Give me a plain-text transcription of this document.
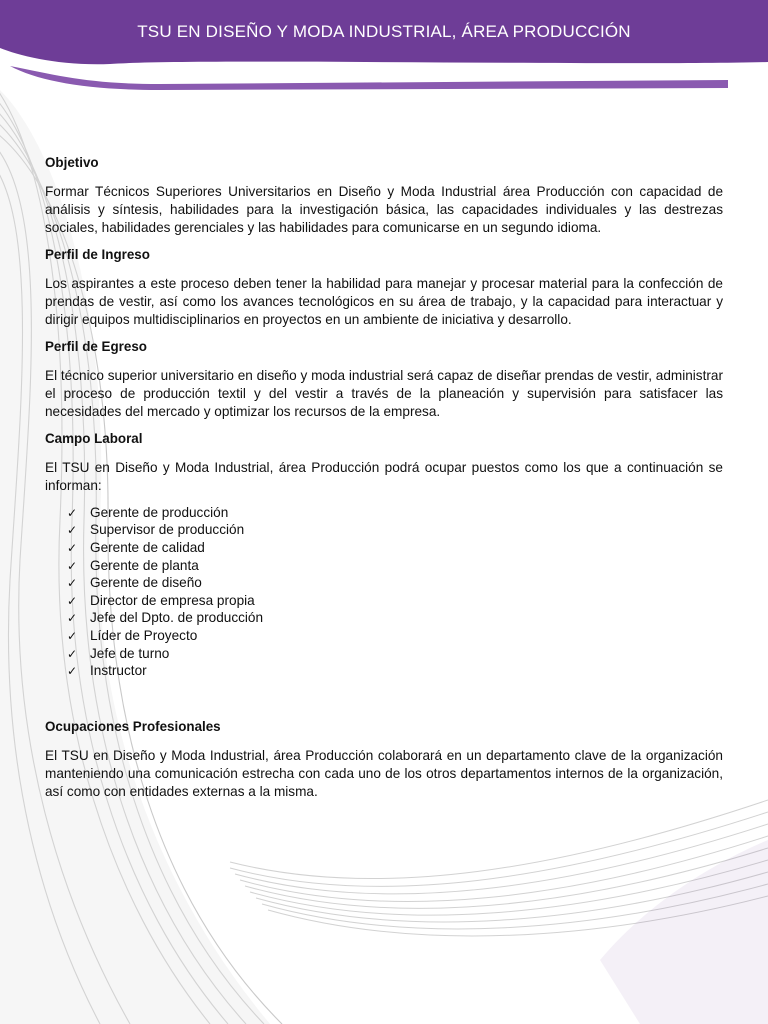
TSU EN DISEÑO Y MODA INDUSTRIAL, ÁREA PRODUCCIÓN
Objetivo

Formar Técnicos Superiores Universitarios en Diseño y Moda Industrial área Producción con capacidad de análisis y síntesis, habilidades para la investigación básica, las capacidades individuales y las destrezas sociales, habilidades gerenciales y las habilidades para comunicarse en un segundo idioma.

Perfil de Ingreso

Los aspirantes a este proceso deben tener la habilidad para manejar y procesar material para la confección de prendas de vestir, así como los avances tecnológicos en su área de trabajo, y la capacidad para interactuar y dirigir equipos multidisciplinarios en proyectos en un ambiente de iniciativa y desarrollo.

Perfil de Egreso

El técnico superior universitario en diseño y moda industrial será capaz de diseñar prendas de vestir, administrar el proceso de producción textil y del vestir a través de la planeación y supervisión para satisfacer las necesidades del mercado y optimizar los recursos de la empresa.

Campo Laboral

El TSU en Diseño y Moda Industrial, área Producción podrá ocupar puestos como los que a continuación se informan:

✓ Gerente de producción
✓ Supervisor de producción
✓ Gerente de calidad
✓ Gerente de planta
✓ Gerente de diseño
✓ Director de empresa propia
✓ Jefe del Dpto. de producción
✓ Líder de Proyecto
✓ Jefe de turno
✓ Instructor
Ocupaciones Profesionales

El TSU en Diseño y Moda Industrial, área Producción colaborará en un departamento clave de la organización manteniendo una comunicación estrecha con cada uno de los otros departamentos internos de la organización, así como con entidades externas a la misma.
